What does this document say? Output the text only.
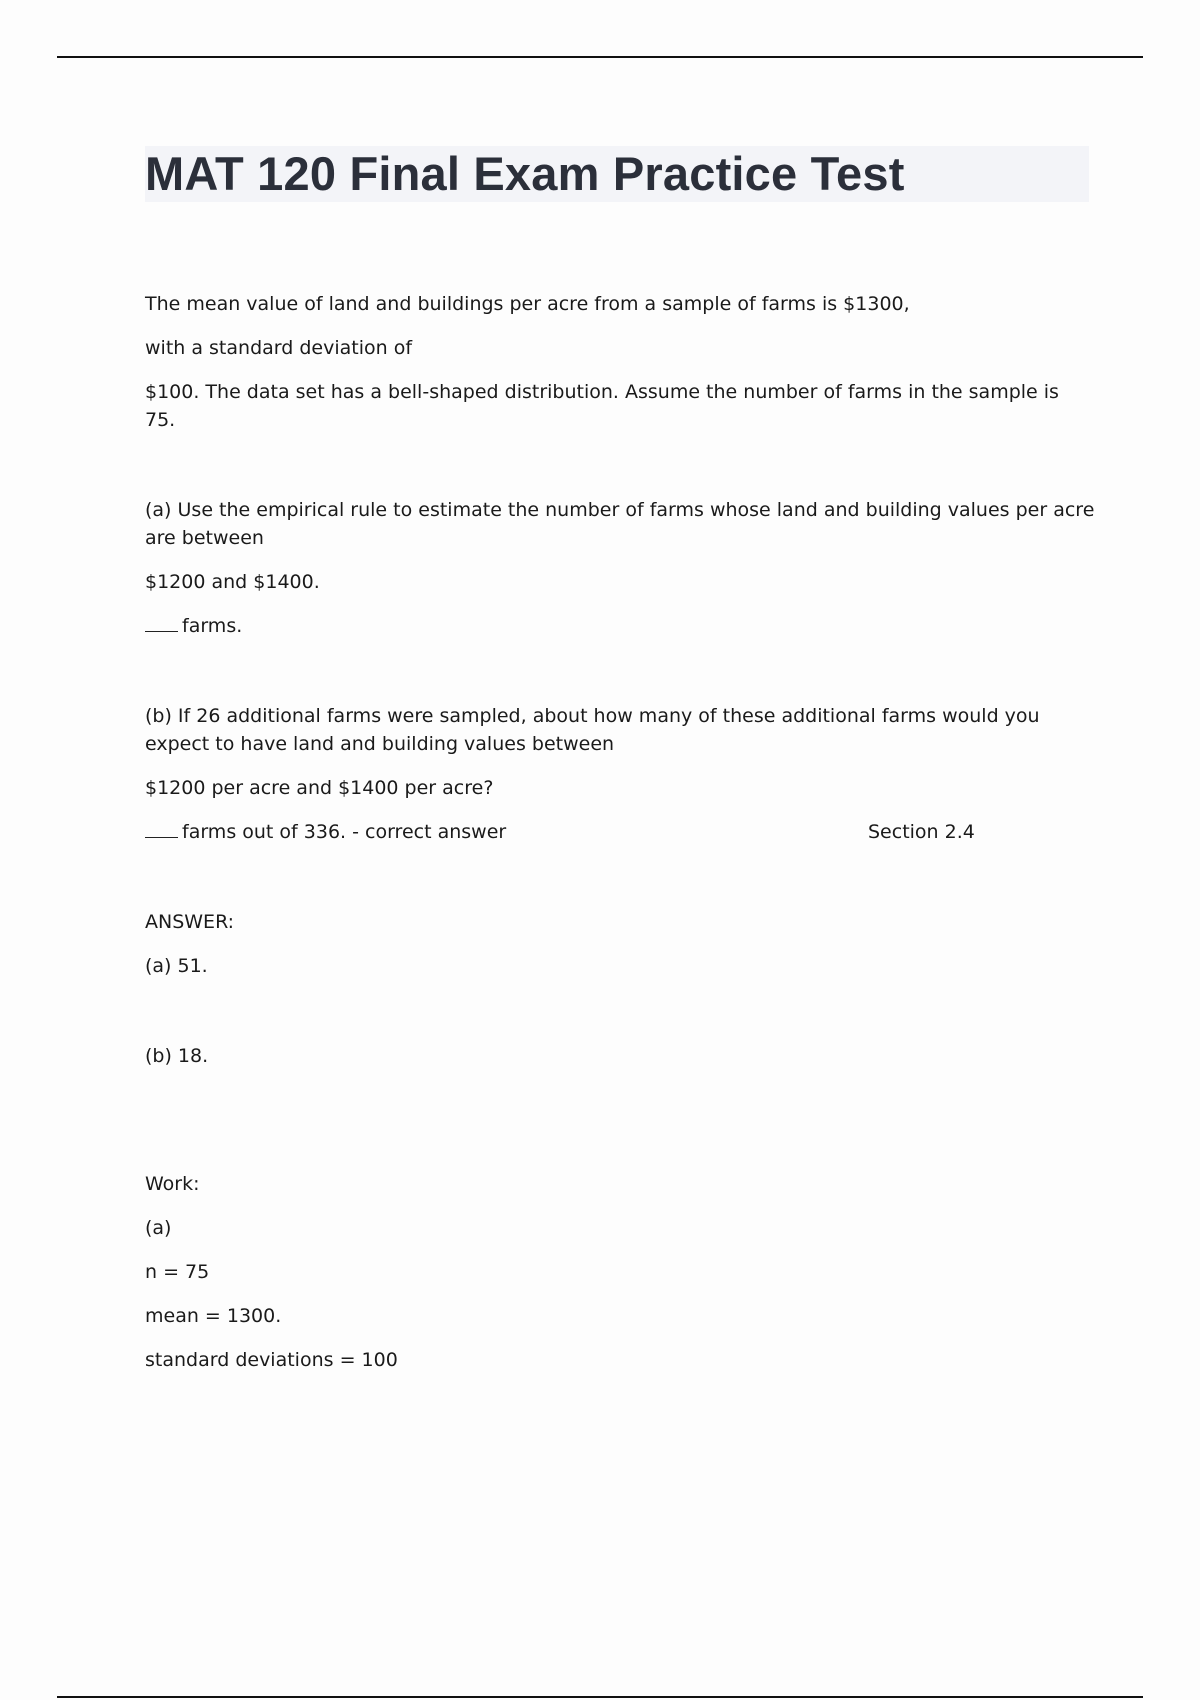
MAT 120 Final Exam Practice Test

The mean value of land and buildings per acre from a sample of farms is $1300,

with a standard deviation of

$100. The data set has a bell-shaped distribution. Assume the number of farms in the sample is 75.

(a) Use the empirical rule to estimate the number of farms whose land and building values per acre are between

$1200 and $1400.

farms.

(b) If 26 additional farms were sampled, about how many of these additional farms would you expect to have land and building values between

$1200 per acre and $1400 per acre?

farms out of 336. - correct answer	Section 2.4

ANSWER:

(a) 51.

(b) 18.

Work:

(a)

n = 75

mean = 1300.

standard deviations = 100
